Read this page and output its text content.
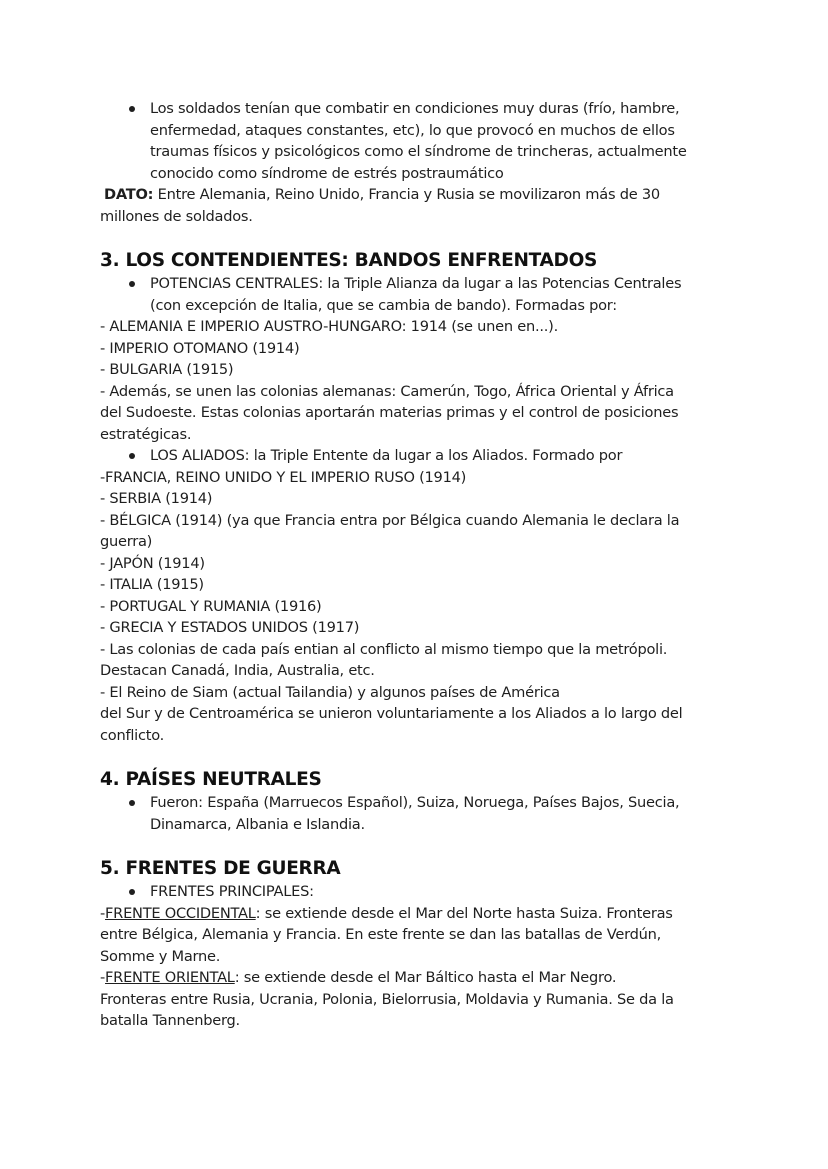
Los soldados tenían que combatir en condiciones muy duras (frío, hambre,
enfermedad, ataques constantes, etc), lo que provocó en muchos de ellos
traumas físicos y psicológicos como el síndrome de trincheras, actualmente
conocido como síndrome de estrés postraumático
DATO: Entre Alemania, Reino Unido, Francia y Rusia se movilizaron más de 30
millones de soldados.
3. LOS CONTENDIENTES: BANDOS ENFRENTADOS
POTENCIAS CENTRALES: la Triple Alianza da lugar a las Potencias Centrales
(con excepción de Italia, que se cambia de bando). Formadas por:
- ALEMANIA E IMPERIO AUSTRO-HUNGARO: 1914 (se unen en...).
- IMPERIO OTOMANO (1914)
- BULGARIA (1915)
- Además, se unen las colonias alemanas: Camerún, Togo, África Oriental y África
del Sudoeste. Estas colonias aportarán materias primas y el control de posiciones
estratégicas.
LOS ALIADOS: la Triple Entente da lugar a los Aliados. Formado por
-FRANCIA, REINO UNIDO Y EL IMPERIO RUSO (1914)
- SERBIA (1914)
- BÉLGICA (1914) (ya que Francia entra por Bélgica cuando Alemania le declara la
guerra)
- JAPÓN (1914)
- ITALIA (1915)
- PORTUGAL Y RUMANIA (1916)
- GRECIA Y ESTADOS UNIDOS (1917)
- Las colonias de cada país entian al conflicto al mismo tiempo que la metrópoli.
Destacan Canadá, India, Australia, etc.
- El Reino de Siam (actual Tailandia) y algunos países de América
del Sur y de Centroamérica se unieron voluntariamente a los Aliados a lo largo del
conflicto.
4. PAÍSES NEUTRALES
Fueron: España (Marruecos Español), Suiza, Noruega, Países Bajos, Suecia,
Dinamarca, Albania e Islandia.
5. FRENTES DE GUERRA
FRENTES PRINCIPALES:
-FRENTE OCCIDENTAL: se extiende desde el Mar del Norte hasta Suiza. Fronteras
entre Bélgica, Alemania y Francia. En este frente se dan las batallas de Verdún,
Somme y Marne.
-FRENTE ORIENTAL: se extiende desde el Mar Báltico hasta el Mar Negro.
Fronteras entre Rusia, Ucrania, Polonia, Bielorrusia, Moldavia y Rumania. Se da la
batalla Tannenberg.
